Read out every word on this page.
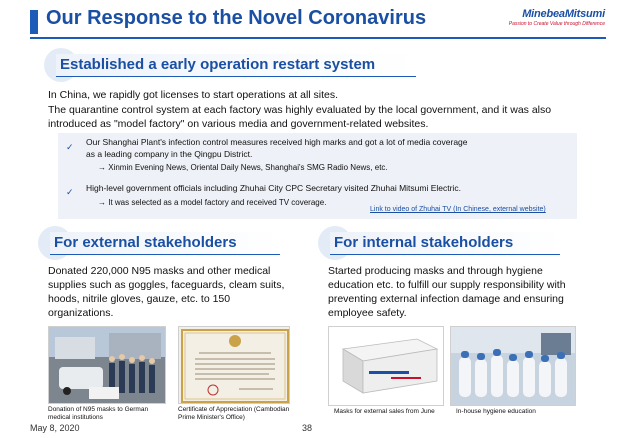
Our Response to the Novel Coronavirus	MinebeaMitsumi
Passion to Create Value through Difference
Established a early operation restart system
In China, we rapidly got licenses to start operations at all sites.
The quarantine control system at each factory was highly evaluated by the local government, and it was also introduced as "model factory" on various media and government-related websites.
✓ Our Shanghai Plant's infection control measures received high marks and got a lot of media coverage
as a leading company in the Qingpu District.
→ Xinmin Evening News, Oriental Daily News, Shanghai's SMG Radio News, etc.
✓ High-level government officials including Zhuhai City CPC Secretary visited Zhuhai Mitsumi Electric.
→ It was selected as a model factory and received TV coverage.
Link to video of Zhuhai TV (In Chinese, external website)
For external stakeholders
Donated 220,000 N95 masks and other medical supplies such as goggles, faceguards, cleam suits, hoods, nitrile gloves, gauze, etc. to 150 organizations.
For internal stakeholders
Started producing masks and through hygiene education etc. to fulfill our supply responsibility with preventing external infection damage and ensuring employee safety.
Donation of N95 masks to German medical institutions
Certificate of Appreciation (Cambodian Prime Minister's Office)
Masks for external sales from June	In-house hygiene education
May 8, 2020	38
